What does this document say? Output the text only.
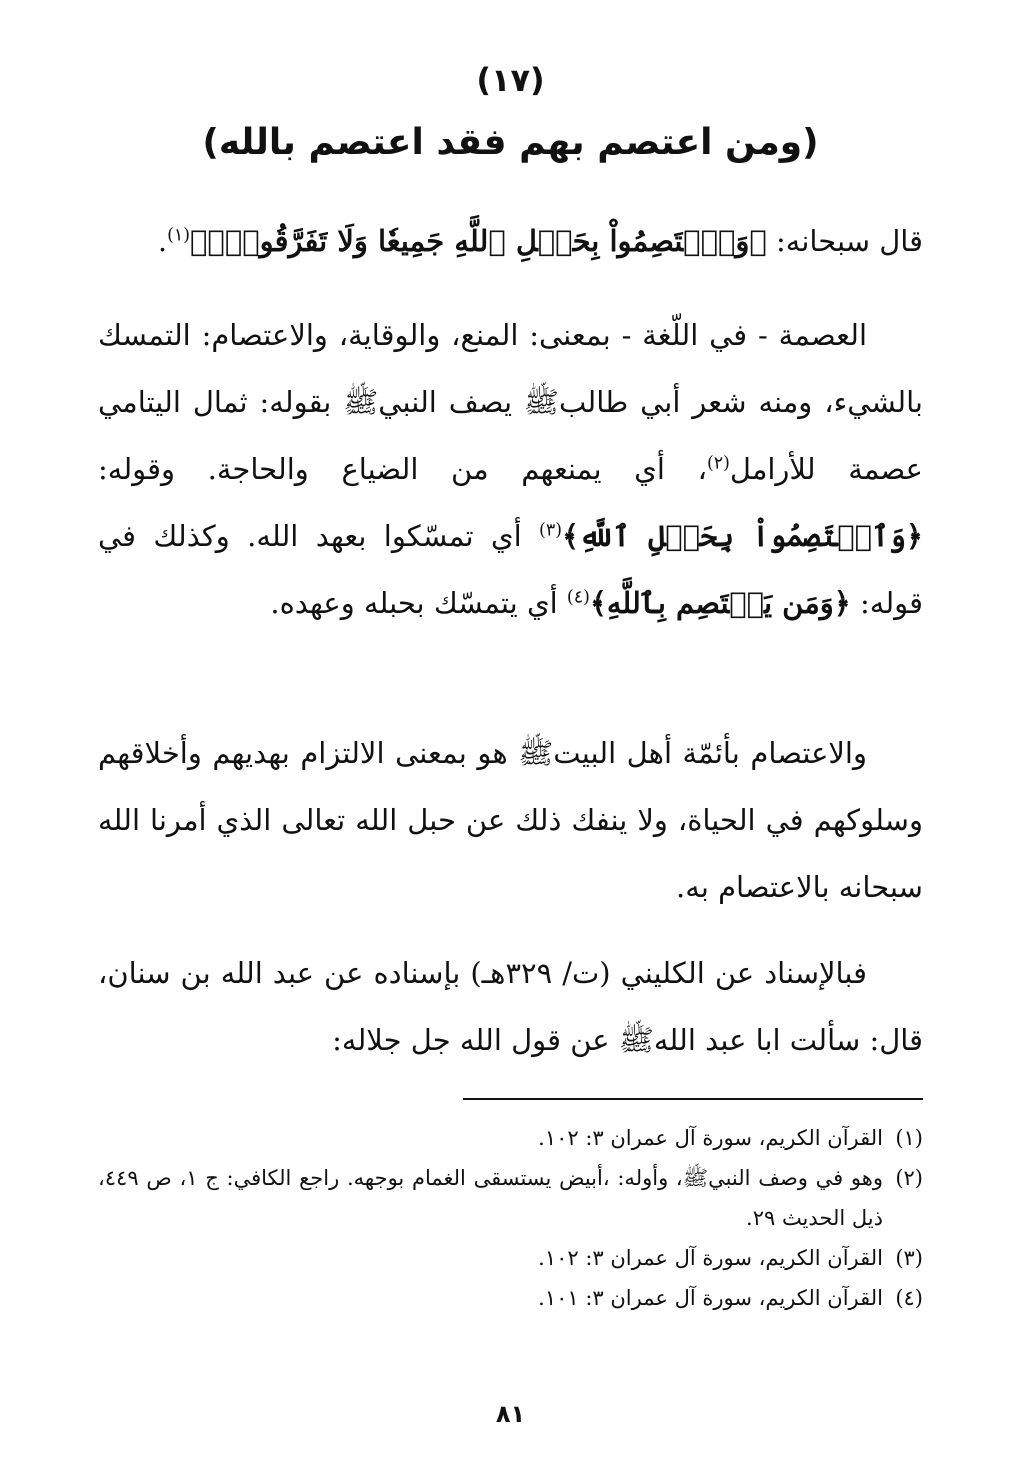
(١٧)
(ومن اعتصم بهم فقد اعتصم بالله)

قال سبحانه: ﴿وَٱعۡتَصِمُواْ بِحَبۡلِ ٱللَّهِ جَمِيعٗا وَلَا تَفَرَّقُواْۚ﴾$^{(١)}$.

العصمة - في اللّغة - بمعنى: المنع، والوقاية، والاعتصام: التمسك بالشيء، ومنه شعر أبي طالبﷺ يصف النبيﷺ بقوله: ثمال اليتامي عصمة للأرامل$^{(٢)}$، أي يمنعهم من الضياع والحاجة. وقوله: ﴿وَٱعۡتَصِمُواْ بِحَبۡلِ ٱللَّهِ﴾$^{(٣)}$ أي تمسّكوا بعهد الله. وكذلك في قوله: ﴿وَمَن يَعۡتَصِم بِٱللَّهِ﴾$^{(٤)}$ أي يتمسّك بحبله وعهده.

والاعتصام بأئمّة أهل البيتﷺ هو بمعنى الالتزام بهديهم وأخلاقهم وسلوكهم في الحياة، ولا ينفك ذلك عن حبل الله تعالى الذي أمرنا الله سبحانه بالاعتصام به.

فبالإسناد عن الكليني (ت/ ٣٢٩هـ) بإسناده عن عبد الله بن سنان، قال: سألت ابا عبد اللهﷺ عن قول الله جل جلاله:

(١)
القرآن الكريم، سورة آل عمران ٣: ١٠٢.
(٢)
وهو في وصف النبيﷺ، وأوله: ،أبيض يستسقى الغمام بوجهه. راجع الكافي: ج ١، ص ٤٤٩، ذيل الحديث ٢٩.
(٣)
القرآن الكريم، سورة آل عمران ٣: ١٠٢.
(٤)
القرآن الكريم، سورة آل عمران ٣: ١٠١.
٨١
